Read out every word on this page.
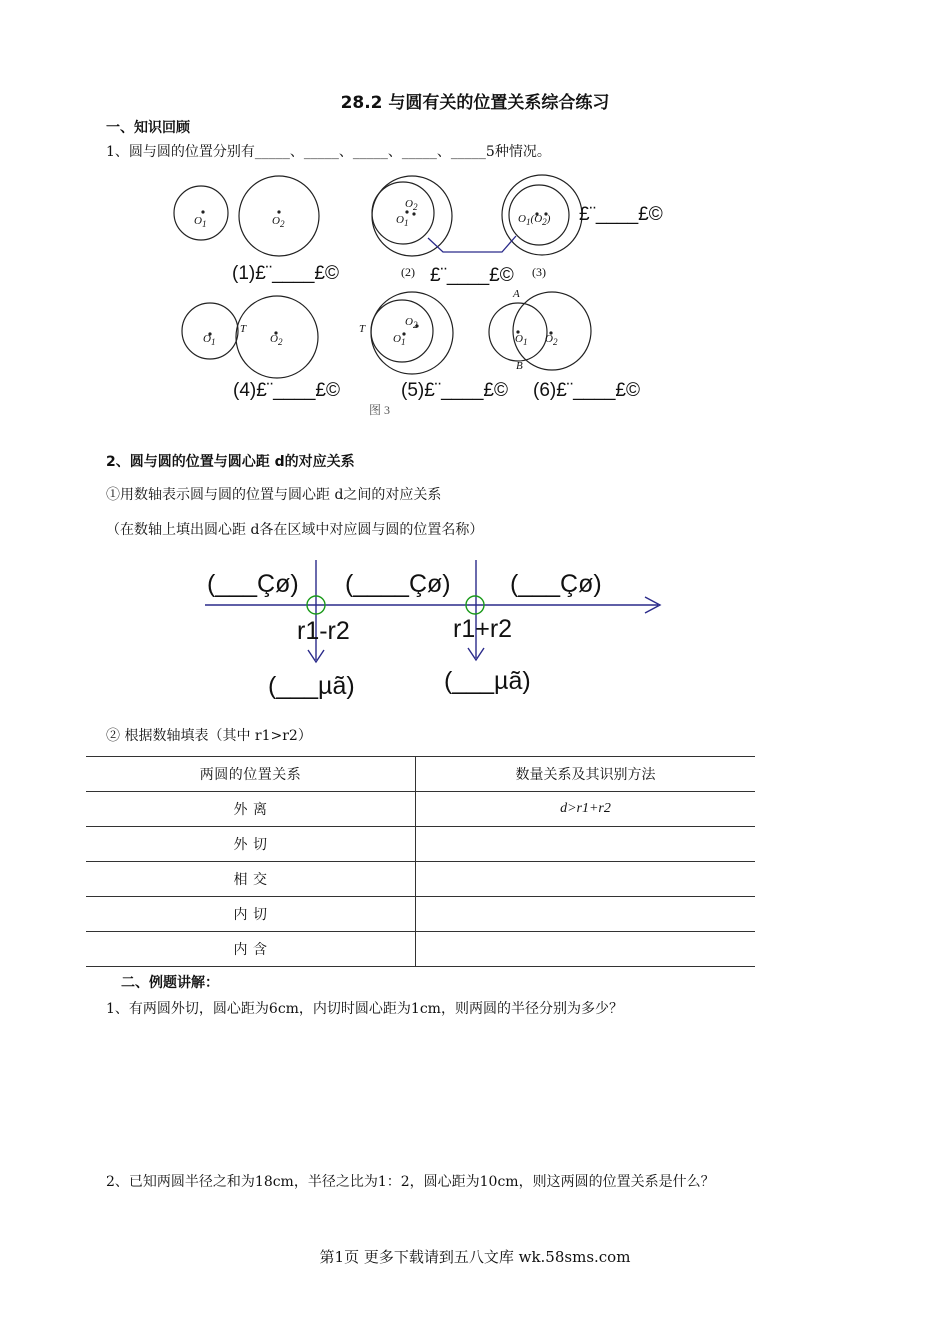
28.2 与圆有关的位置关系综合练习
一、知识回顾
1、圆与圆的位置分别有_____、_____、_____、_____、_____5种情况。
$O_1$	$O_2$
$O_2$
$O_1$	$O_1(O_2)$
$O_1$
T
$O_2$
T
$O_2$
$O_1$
A
$O_1$ $O_2$
B
(1)£¨____£©	(2) £¨____£© (3)
£¨____£©
(4)£¨____£©	(5)£¨____£© (6)£¨____£©
图 3
2、圆与圆的位置与圆心距 d的对应关系
①用数轴表示圆与圆的位置与圆心距 d之间的对应关系
（在数轴上填出圆心距 d各在区域中对应圆与圆的位置名称）
(___Çø) (____Çø) (___Çø)
r1-r2	r1+r2
(___µã)	(___µã)
② 根据数轴填表（其中 r1>r2）
两圆的位置关系	数量关系及其识别方法
外 离	d>r1+r2
外 切	
相 交	
内 切	
内 含	
二、例题讲解：
1、有两圆外切，圆心距为6cm，内切时圆心距为1cm，则两圆的半径分别为多少？
2、已知两圆半径之和为18cm，半径之比为1：2，圆心距为10cm，则这两圆的位置关系是什么？
第1页 更多下载请到五八文库 wk.58sms.com
